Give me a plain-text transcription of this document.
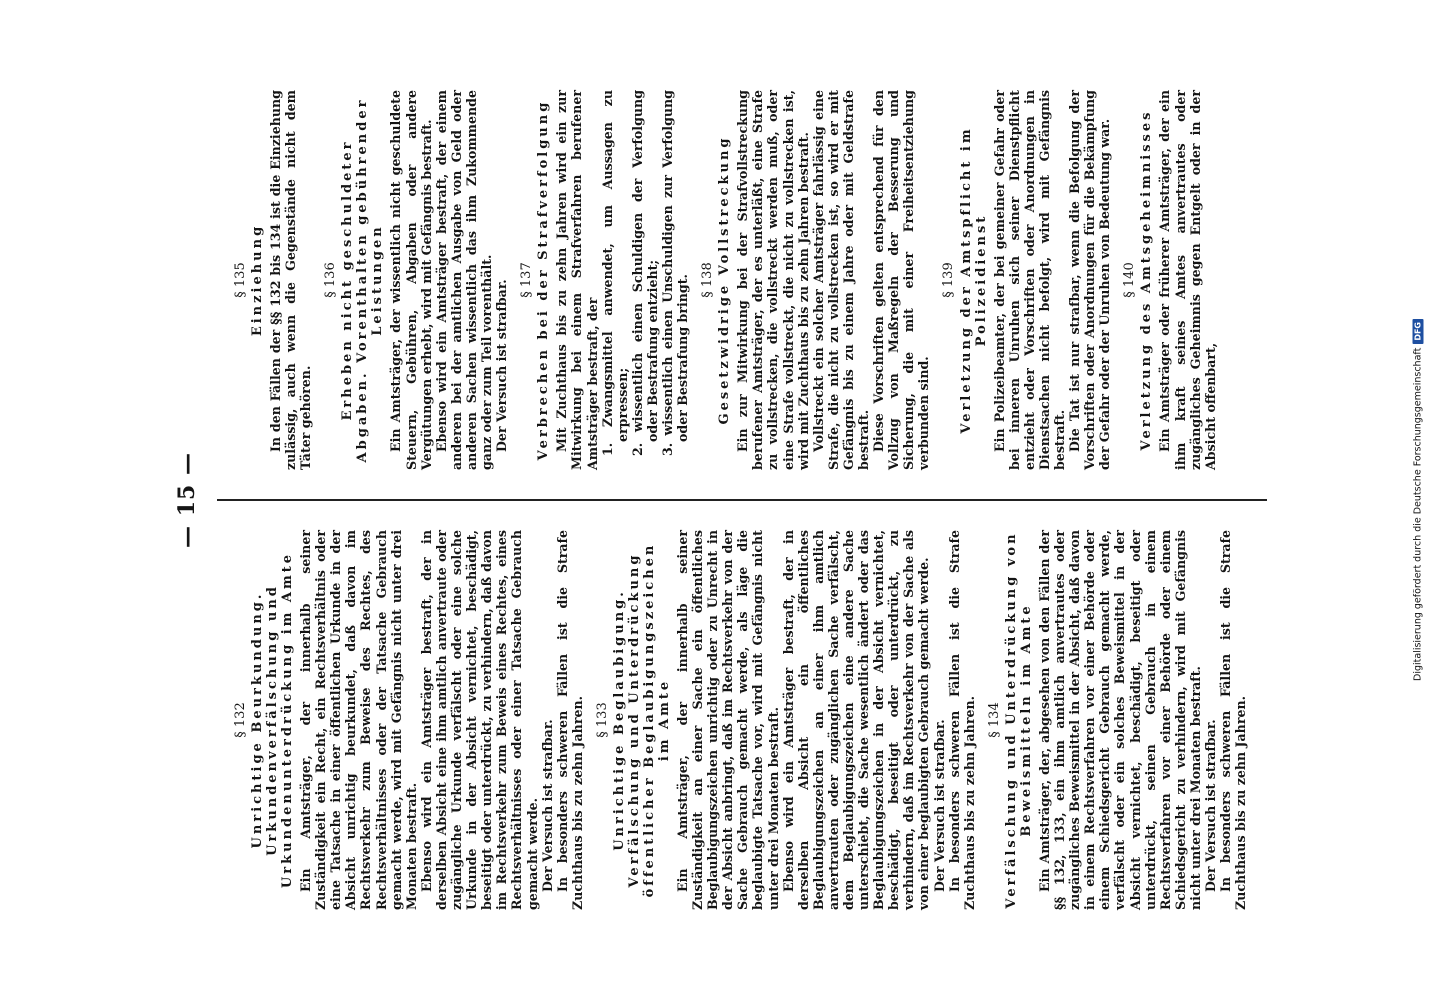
— 15 —
§ 132 Unrichtige Beurkundung. Urkundenverfälschung und Urkundenunterdrückung im Amte Ein Amtsträger, der innerhalb seiner Zuständigkeit ein Recht, ein Rechtsverhältnis oder eine Tatsache in einer öffentlichen Urkunde in der Absicht unrichtig beurkundet, daß davon im Rechtsverkehr zum Beweise des Rechtes, des Rechtsverhältnisses oder der Tatsache Gebrauch gemacht werde, wird mit Gefängnis nicht unter drei Monaten bestraft. Ebenso wird ein Amtsträger bestraft, der in derselben Absicht eine ihm amtlich anvertraute oder zugängliche Urkunde verfälscht oder eine solche Urkunde in der Absicht vernichtet, beschädigt, beseitigt oder unterdrückt, zu verhindern, daß davon im Rechtsverkehr zum Beweis eines Rechtes, eines Rechtsverhältnisses oder einer Tatsache Gebrauch gemacht werde. Der Versuch ist strafbar. In besonders schweren Fällen ist die Strafe Zuchthaus bis zu zehn Jahren. § 133 Unrichtige Beglaubigung. Verfälschung und Unterdrückung öffentlicher Beglaubigungszeichen im Amte Ein Amtsträger, der innerhalb seiner Zuständigkeit an einer Sache ein öffentliches Beglaubigungszeichen unrichtig oder zu Unrecht in der Absicht anbringt, daß im Rechtsverkehr von der Sache Gebrauch gemacht werde, als läge die beglaubigte Tatsache vor, wird mit Gefängnis nicht unter drei Monaten bestraft. Ebenso wird ein Amtsträger bestraft, der in derselben Absicht ein öffentliches Beglaubigungszeichen an einer ihm amtlich anvertrauten oder zugänglichen Sache verfälscht, dem Beglaubigungszeichen eine andere Sache unterschiebt, die Sache wesentlich ändert oder das Beglaubigungszeichen in der Absicht vernichtet, beschädigt, beseitigt oder unterdrückt, zu verhindern, daß im Rechtsverkehr von der Sache als von einer beglaubigten Gebrauch gemacht werde. Der Versuch ist strafbar. In besonders schweren Fällen ist die Strafe Zuchthaus bis zu zehn Jahren. § 134 Verfälschung und Unterdrückung von Beweismitteln im Amte Ein Amtsträger, der, abgesehen von den Fällen der §§ 132, 133, ein ihm amtlich anvertrautes oder zugängliches Beweismittel in der Absicht, daß davon in einem Rechtsverfahren vor einer Behörde oder einem Schiedsgericht Gebrauch gemacht werde, verfälscht oder ein solches Beweismittel in der Absicht vernichtet, beschädigt, beseitigt oder unterdrückt, seinen Gebrauch in einem Rechtsverfahren vor einer Behörde oder einem Schiedsgericht zu verhindern, wird mit Gefängnis nicht unter drei Monaten bestraft. Der Versuch ist strafbar. In besonders schweren Fällen ist die Strafe Zuchthaus bis zu zehn Jahren.

§ 135 Einziehung In den Fällen der §§ 132 bis 134 ist die Einziehung zulässig, auch wenn die Gegenstände nicht dem Täter gehören.

§ 136 Erheben nicht geschuldeter Abgaben. Vorenthalten gebührender Leistungen Ein Amtsträger, der wissentlich nicht geschuldete Steuern, Gebühren, Abgaben oder andere Vergütungen erhebt, wird mit Gefängnis bestraft. Ebenso wird ein Amtsträger bestraft, der einem anderen bei der amtlichen Ausgabe von Geld oder anderen Sachen wissentlich das ihm Zukommende ganz oder zum Teil vorenthält. Der Versuch ist strafbar. § 137 Verbrechen bei der Strafverfolgung Mit Zuchthaus bis zu zehn Jahren wird ein zur Mitwirkung bei einem Strafverfahren berufener Amtsträger bestraft, der 1. Zwangsmittel anwendet, um Aussagen zu erpressen; 2. wissentlich einen Schuldigen der Verfolgung oder Bestrafung entzieht; 3. wissentlich einen Unschuldigen zur Verfolgung oder Bestrafung bringt. § 138 Gesetzwidrige Vollstreckung Ein zur Mitwirkung bei der Strafvollstreckung berufener Amtsträger, der es unterläßt, eine Strafe zu vollstrecken, die vollstreckt werden muß, oder eine Strafe vollstreckt, die nicht zu vollstrecken ist, wird mit Zuchthaus bis zu zehn Jahren bestraft. Vollstreckt ein solcher Amtsträger fahrlässig eine Strafe, die nicht zu vollstrecken ist, so wird er mit Gefängnis bis zu einem Jahre oder mit Geldstrafe bestraft. Diese Vorschriften gelten entsprechend für den Vollzug von Maßregeln der Besserung und Sicherung, die mit einer Freiheitsentziehung verbunden sind.

§ 139 Verletzung der Amtspflicht im Polizeidienst Ein Polizeibeamter, der bei gemeiner Gefahr oder bei inneren Unruhen sich seiner Dienstpflicht entzieht oder Vorschriften oder Anordnungen in Dienstsachen nicht befolgt, wird mit Gefängnis bestraft. Die Tat ist nur strafbar, wenn die Befolgung der Vorschriften oder Anordnungen für die Bekämpfung der Gefahr oder der Unruhen von Bedeutung war. § 140 Verletzung des Amtsgeheimnisses Ein Amtsträger oder früherer Amtsträger, der ein ihm kraft seines Amtes anvertrautes oder zugängliches Geheimnis gegen Entgelt oder in der Absicht offenbart,	Digitalisierung gefördert durch die Deutsche Forschungsgemeinschaft
DFG
